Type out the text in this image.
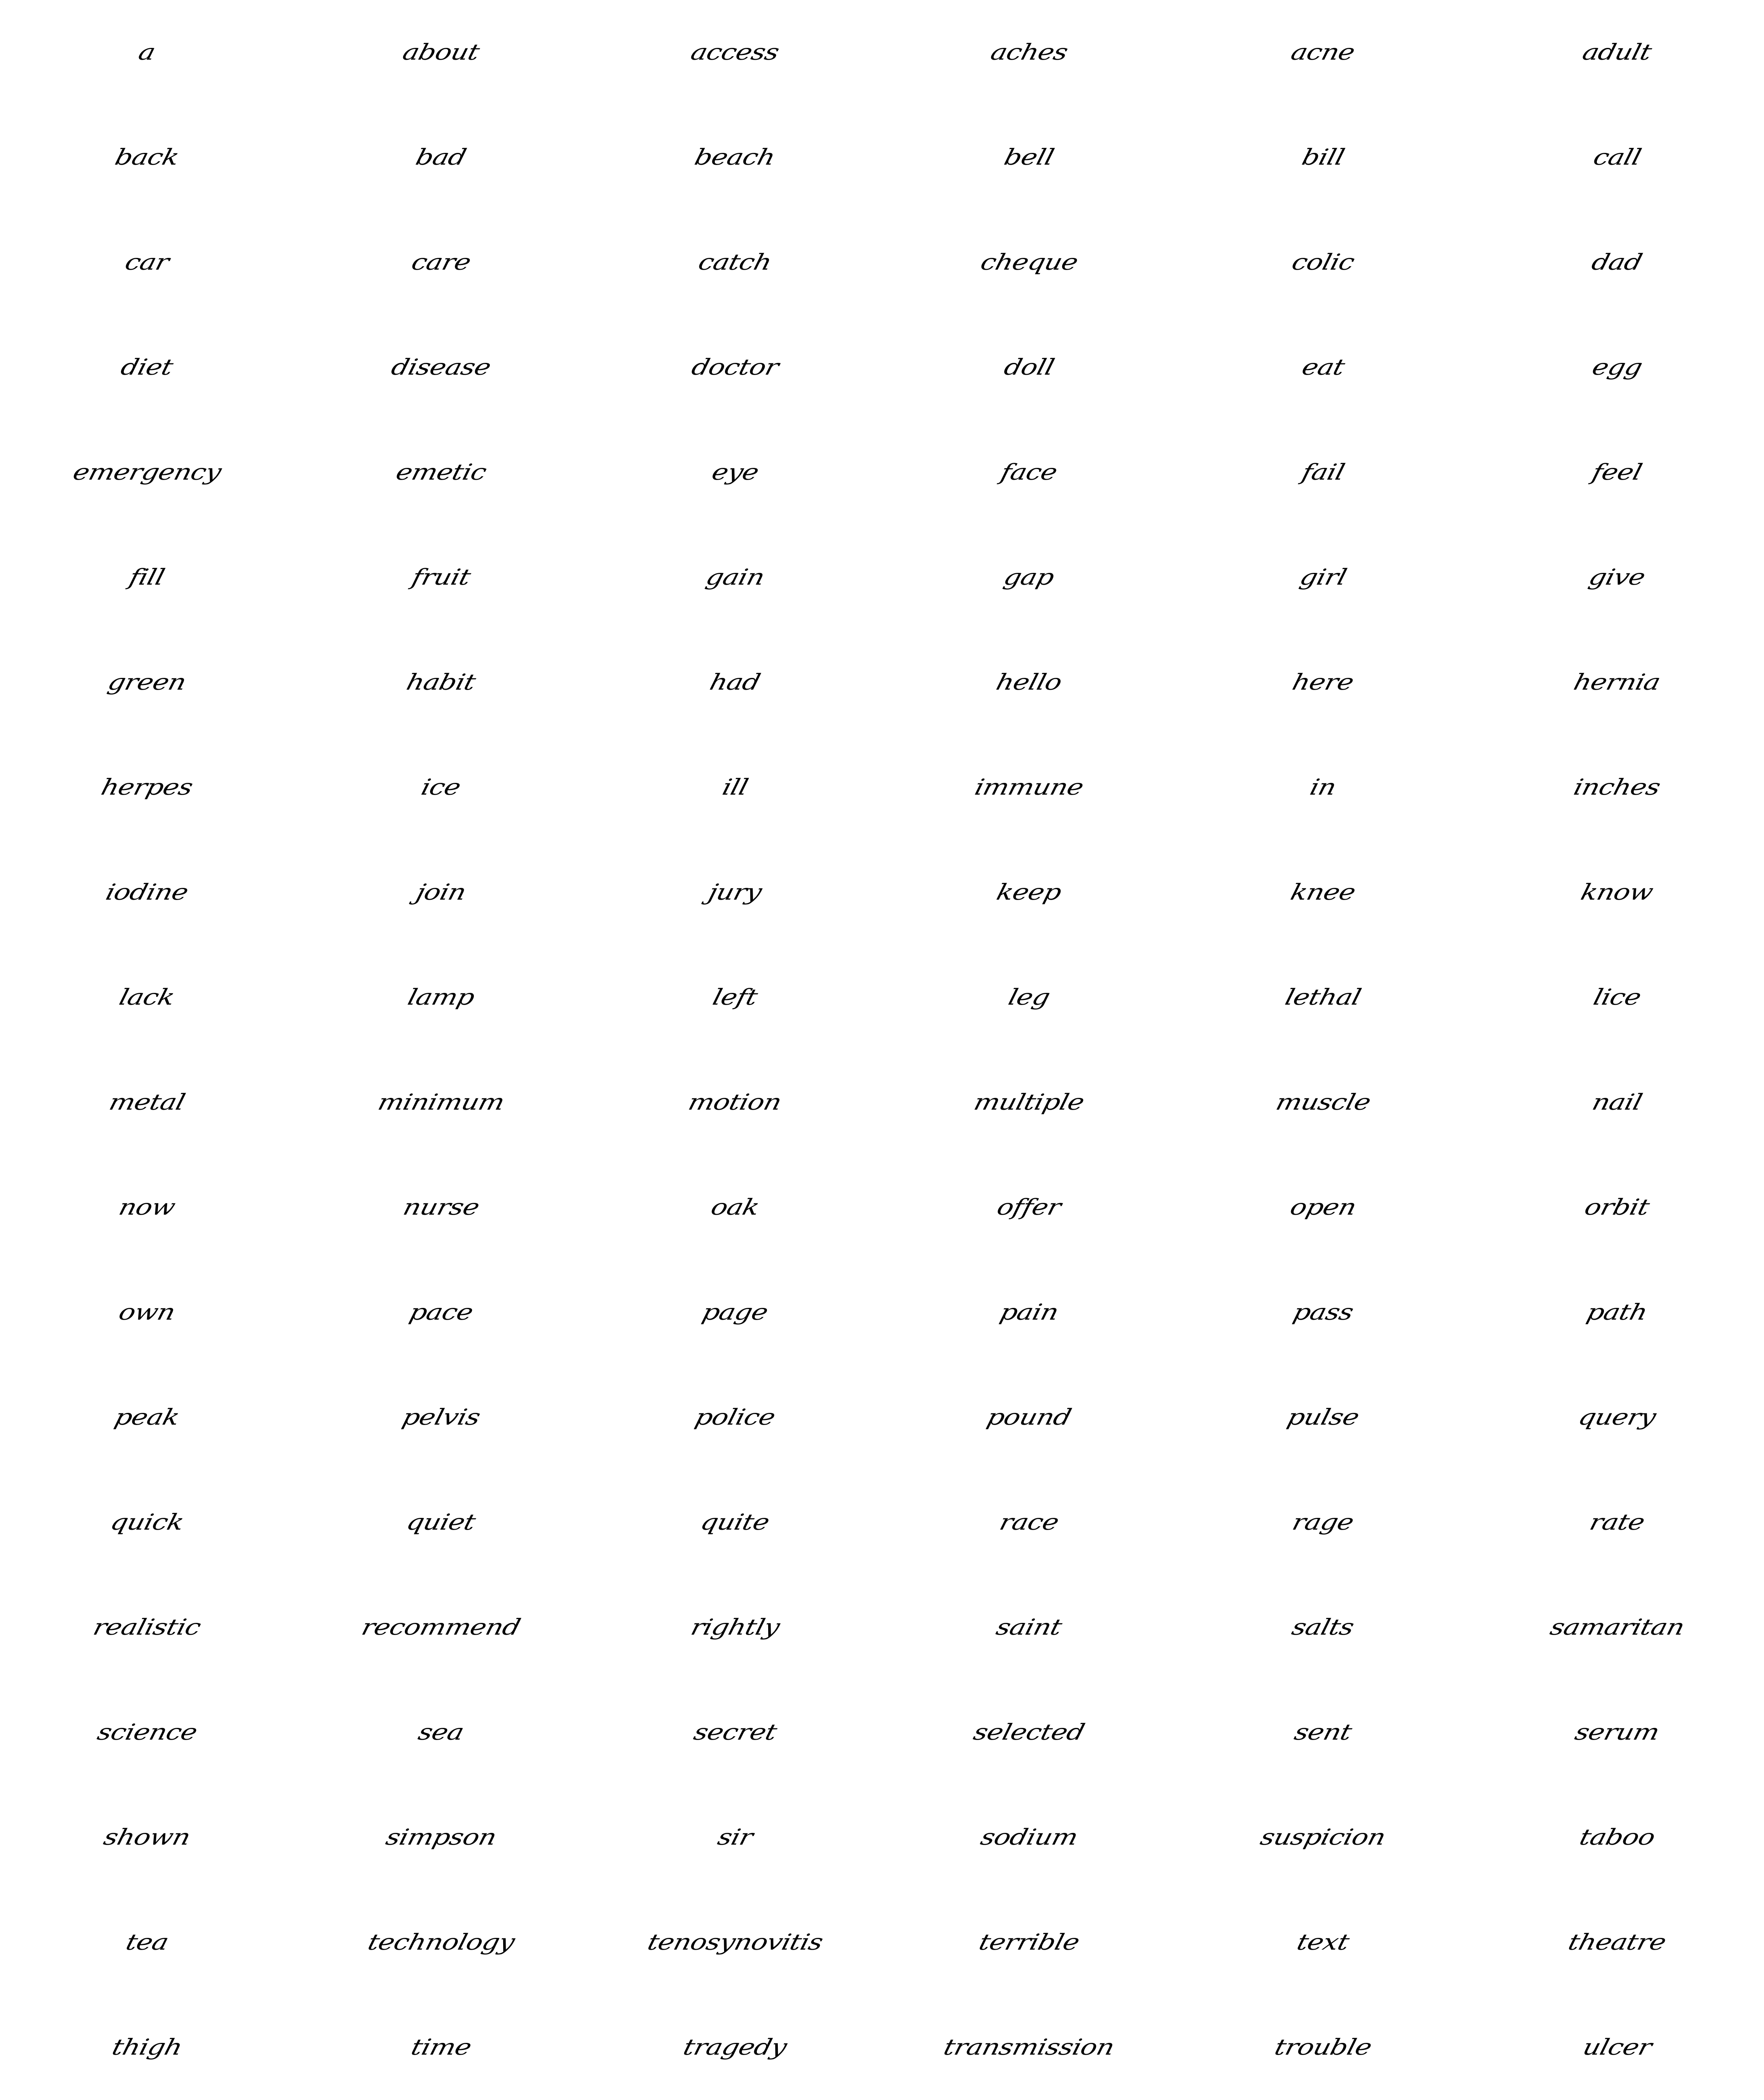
a	about	access	aches	acne	adult
back	bad	beach	bell	bill	call
car	care	catch	cheque	colic	dad
diet	disease	doctor	doll	eat	egg
emergency	emetic	eye	face	fail	feel
fill	fruit	gain	gap	girl	give
green	habit	had	hello	here	hernia
herpes	ice	ill	immune	in	inches
iodine	join	jury	keep	knee	know
lack	lamp	left	leg	lethal	lice
metal	minimum	motion	multiple	muscle	nail
now	nurse	oak	offer	open	orbit
own	pace	page	pain	pass	path
peak	pelvis	police	pound	pulse	query
quick	quiet	quite	race	rage	rate
realistic	recommend	rightly	saint	salts	samaritan
science	sea	secret	selected	sent	serum
shown	simpson	sir	sodium	suspicion	taboo
tea	technology	tenosynovitis	terrible	text	theatre
thigh	time	tragedy	transmission	trouble	ulcer
